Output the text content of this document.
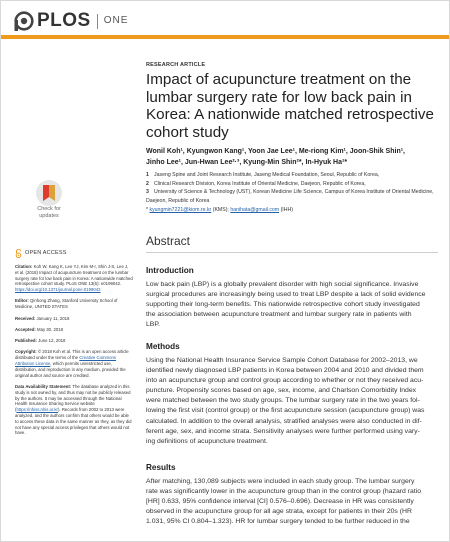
PLOS ONE
Check for
updates
OPEN ACCESS

Citation: Koh W, Kang K, Lee YJ, Kim M-r, Shin J-S, Lee J, et al. (2018) Impact of acupuncture treatment on the lumbar surgery rate for low back pain in Korea: A nationwide matched retrospective cohort study. PLoS ONE 13(6): e0199042. https://doi.org/10.1371/journal.pone.0199042

Editor: Qinhong Zhang, Stanford University School of Medicine, UNITED STATES

Received: January 11, 2018

Accepted: May 30, 2018

Published: June 12, 2018

Copyright: © 2018 Koh et al. This is an open access article distributed under the terms of the Creative Commons Attribution License, which permits unrestricted use, distribution, and reproduction in any medium, provided the original author and source are credited.

Data Availability Statement: The database analyzed in this study is not owned by, and thus may not be publicly released by the authors. It may be accessed through the National Health Insurance Sharing Service website (https://nhiss.nhis.or.kr). Records from 2002 to 2013 were analyzed, and the authors confirm that others would be able to access these data in the same manner as they, as they did not have any special access privileges that others would not have.

RESEARCH ARTICLE
Impact of acupuncture treatment on the lumbar surgery rate for low back pain in Korea: A nationwide matched retrospective cohort study
Wonil Koh¹, Kyungwon Kang¹, Yoon Jae Lee¹, Me-riong Kim¹, Joon-Shik Shin¹,
Jinho Lee¹, Jun-Hwan Lee²·³, Kyung-Min Shin²*, In-Hyuk Ha¹*
1 Jaseng Spine and Joint Research Institute, Jaseng Medical Foundation, Seoul, Republic of Korea,
2 Clinical Research Division, Korea Institute of Oriental Medicine, Daejeon, Republic of Korea,
3 University of Science & Technology (UST), Korean Medicine Life Science, Campus of Korea Institute of Oriental Medicine, Daejeon, Republic of Korea
* kyungmin7221@kiom.re.kr (KMS); hanihata@gmail.com (IHH)
Abstract
Introduction
Low back pain (LBP) is a globally prevalent disorder with high social significance. Invasive
surgical procedures are increasingly being used to treat LBP despite a lack of solid evidence
supporting their long-term benefits. This nationwide retrospective cohort study investigated
the association between acupuncture treatment and lumbar surgery rate in patients with
LBP.
Methods
Using the National Health Insurance Service Sample Cohort Database for 2002–2013, we
identified newly diagnosed LBP patients in Korea between 2004 and 2010 and divided them
into an acupuncture group and control group according to whether or not they received acu-
puncture. Propensity scores based on age, sex, income, and Charlson Comorbidity Index
were matched between the two study groups. The lumbar surgery rate in the two years fol-
lowing the first visit (control group) or the first acupuncture session (acupuncture group) was
calculated. In addition to the overall analysis, stratified analyses were also conducted in dif-
ferent age, sex, and income strata. Sensitivity analyses were further performed using vary-
ing definitions of acupuncture treatment.
Results
After matching, 130,089 subjects were included in each study group. The lumbar surgery
rate was significantly lower in the acupuncture group than in the control group (hazard ratio
[HR] 0.633, 95% confidence interval [CI] 0.576–0.696). Decrease in HR was consistently
observed in the acupuncture group for all age strata, except for patients in their 20s (HR
1.031, 95% CI 0.804–1.323). HR for lumbar surgery tended to be further reduced in the
